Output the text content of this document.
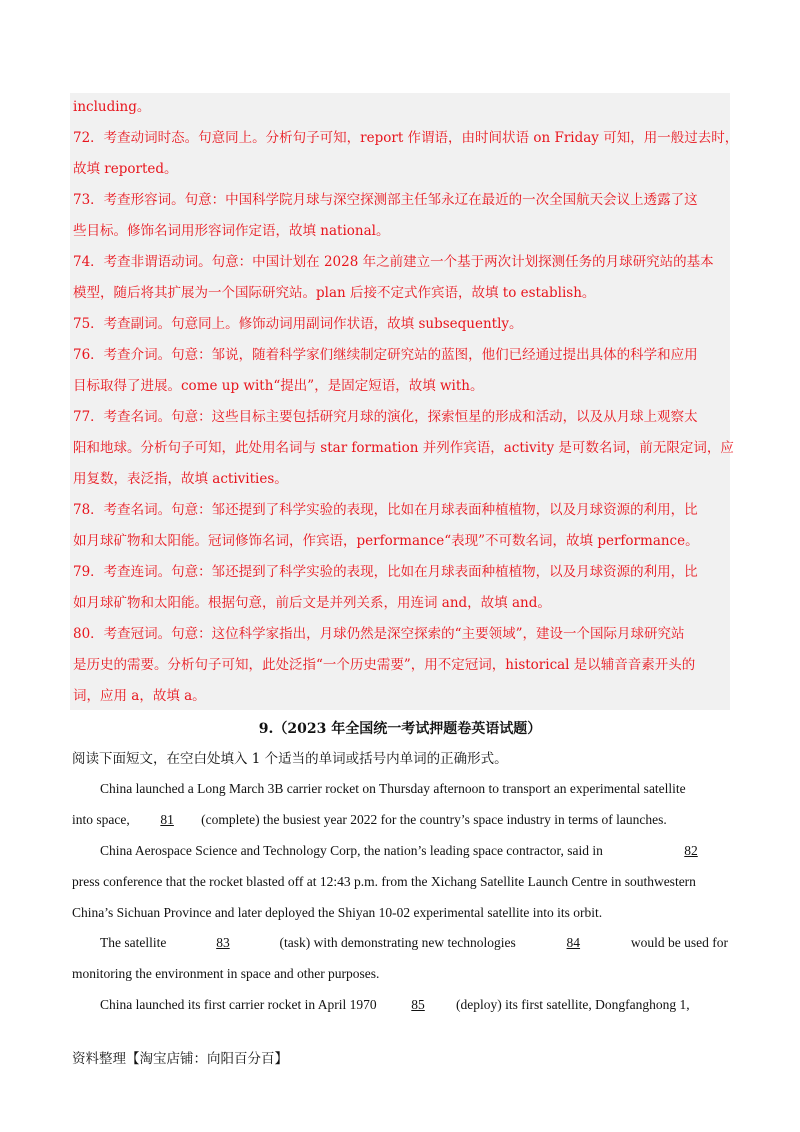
including。
72．考查动词时态。句意同上。分析句子可知，report 作谓语，由时间状语 on Friday 可知，用一般过去时，
故填 reported。
73．考查形容词。句意：中国科学院月球与深空探测部主任邹永辽在最近的一次全国航天会议上透露了这
些目标。修饰名词用形容词作定语，故填 national。
74．考查非谓语动词。句意：中国计划在 2028 年之前建立一个基于两次计划探测任务的月球研究站的基本
模型，随后将其扩展为一个国际研究站。plan 后接不定式作宾语，故填 to establish。
75．考查副词。句意同上。修饰动词用副词作状语，故填 subsequently。
76．考查介词。句意：邹说，随着科学家们继续制定研究站的蓝图，他们已经通过提出具体的科学和应用
目标取得了进展。come up with“提出”，是固定短语，故填 with。
77．考查名词。句意：这些目标主要包括研究月球的演化，探索恒星的形成和活动，以及从月球上观察太
阳和地球。分析句子可知，此处用名词与 star formation 并列作宾语，activity 是可数名词，前无限定词，应
用复数，表泛指，故填 activities。
78．考查名词。句意：邹还提到了科学实验的表现，比如在月球表面种植植物，以及月球资源的利用，比
如月球矿物和太阳能。冠词修饰名词，作宾语，performance“表现”不可数名词，故填 performance。
79．考查连词。句意：邹还提到了科学实验的表现，比如在月球表面种植植物，以及月球资源的利用，比
如月球矿物和太阳能。根据句意，前后文是并列关系，用连词 and，故填 and。
80．考查冠词。句意：这位科学家指出，月球仍然是深空探索的“主要领域”，建设一个国际月球研究站
是历史的需要。分析句子可知，此处泛指“一个历史需要”，用不定冠词，historical 是以辅音音素开头的
词，应用 a，故填 a。
9.（2023 年全国统一考试押题卷英语试题）
阅读下面短文，在空白处填入 1 个适当的单词或括号内单词的正确形式。
China launched a Long March 3B carrier rocket on Thursday afternoon to transport an experimental satellite
into space, 81 (complete) the busiest year 2022 for the country’s space industry in terms of launches.
China Aerospace Science and Technology Corp, the nation’s leading space contractor, said in	82
press conference that the rocket blasted off at 12:43 p.m. from the Xichang Satellite Launch Centre in southwestern
China’s Sichuan Province and later deployed the Shiyan 10-02 experimental satellite into its orbit.
The satellite	83	(task) with demonstrating new technologies	84	would be used for
monitoring the environment in space and other purposes.
China launched its first carrier rocket in April 1970 85 (deploy) its first satellite, Dongfanghong 1,
资料整理【淘宝店铺：向阳百分百】
